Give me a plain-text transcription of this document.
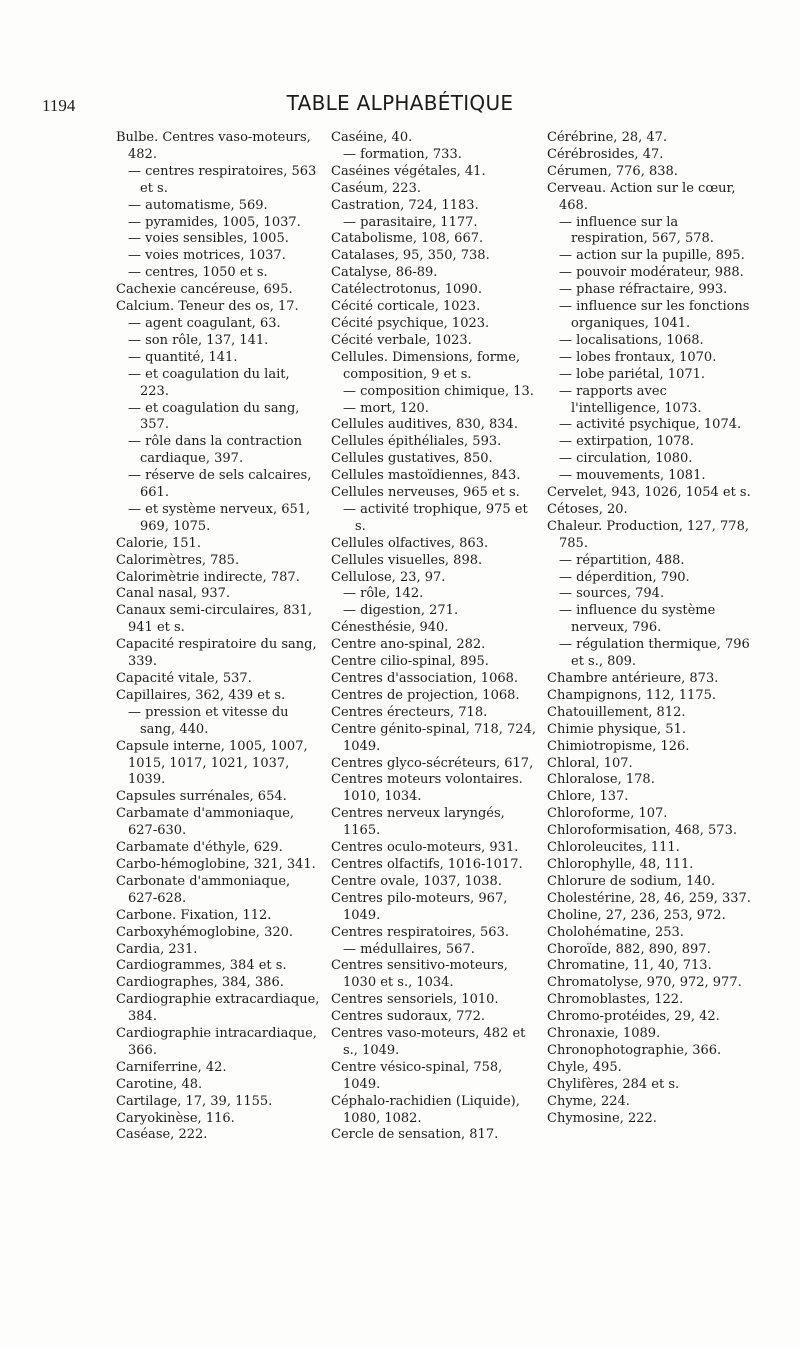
1194	TABLE ALPHABÉTIQUE

Bulbe. Centres vaso-moteurs, 482.

— centres respiratoires, 563 et s.

— automatisme, 569.

— pyramides, 1005, 1037.

— voies sensibles, 1005.

— voies motrices, 1037.

— centres, 1050 et s.

Cachexie cancéreuse, 695.

Calcium. Teneur des os, 17.

— agent coagulant, 63.

— son rôle, 137, 141.

— quantité, 141.

— et coagulation du lait, 223.

— et coagulation du sang, 357.

— rôle dans la contraction cardiaque, 397.

— réserve de sels calcaires, 661.

— et système nerveux, 651, 969, 1075.

Calorie, 151.

Calorimètres, 785.

Calorimètrie indirecte, 787.

Canal nasal, 937.

Canaux semi-circulaires, 831, 941 et s.

Capacité respiratoire du sang, 339.

Capacité vitale, 537.

Capillaires, 362, 439 et s.

— pression et vitesse du sang, 440.

Capsule interne, 1005, 1007, 1015, 1017, 1021, 1037, 1039.

Capsules surrénales, 654.

Carbamate d'ammoniaque, 627-630.

Carbamate d'éthyle, 629.

Carbo-hémoglobine, 321, 341.

Carbonate d'ammoniaque, 627-628.

Carbone. Fixation, 112.

Carboxyhémoglobine, 320.

Cardia, 231.

Cardiogrammes, 384 et s.

Cardiographes, 384, 386.

Cardiographie extracardiaque, 384.

Cardiographie intracardiaque, 366.

Carniferrine, 42.

Carotine, 48.

Cartilage, 17, 39, 1155.

Caryokinèse, 116.

Caséase, 222.

Caséine, 40.

— formation, 733.

Caséines végétales, 41.

Caséum, 223.

Castration, 724, 1183.

— parasitaire, 1177.

Catabolisme, 108, 667.

Catalases, 95, 350, 738.

Catalyse, 86-89.

Catélectrotonus, 1090.

Cécité corticale, 1023.

Cécité psychique, 1023.

Cécité verbale, 1023.

Cellules. Dimensions, forme, composition, 9 et s.

— composition chimique, 13.

— mort, 120.

Cellules auditives, 830, 834.

Cellules épithéliales, 593.

Cellules gustatives, 850.

Cellules mastoïdiennes, 843.

Cellules nerveuses, 965 et s.

— activité trophique, 975 et s.

Cellules olfactives, 863.

Cellules visuelles, 898.

Cellulose, 23, 97.

— rôle, 142.

— digestion, 271.

Cénesthésie, 940.

Centre ano-spinal, 282.

Centre cilio-spinal, 895.

Centres d'association, 1068.

Centres de projection, 1068.

Centres érecteurs, 718.

Centre génito-spinal, 718, 724, 1049.

Centres glyco-sécréteurs, 617,

Centres moteurs volontaires. 1010, 1034.

Centres nerveux laryngés, 1165.

Centres oculo-moteurs, 931.

Centres olfactifs, 1016-1017.

Centre ovale, 1037, 1038.

Centres pilo-moteurs, 967, 1049.

Centres respiratoires, 563.

— médullaires, 567.

Centres sensitivo-moteurs, 1030 et s., 1034.

Centres sensoriels, 1010.

Centres sudoraux, 772.

Centres vaso-moteurs, 482 et s., 1049.

Centre vésico-spinal, 758, 1049.

Céphalo-rachidien (Liquide), 1080, 1082.

Cercle de sensation, 817.

Cérébrine, 28, 47.

Cérébrosides, 47.

Cérumen, 776, 838.

Cerveau. Action sur le cœur, 468.

— influence sur la respiration, 567, 578.

— action sur la pupille, 895.

— pouvoir modérateur, 988.

— phase réfractaire, 993.

— influence sur les fonctions organiques, 1041.

— localisations, 1068.

— lobes frontaux, 1070.

— lobe pariétal, 1071.

— rapports avec l'intelligence, 1073.

— activité psychique, 1074.

— extirpation, 1078.

— circulation, 1080.

— mouvements, 1081.

Cervelet, 943, 1026, 1054 et s.

Cétoses, 20.

Chaleur. Production, 127, 778, 785.

— répartition, 488.

— déperdition, 790.

— sources, 794.

— influence du système nerveux, 796.

— régulation thermique, 796 et s., 809.

Chambre antérieure, 873.

Champignons, 112, 1175.

Chatouillement, 812.

Chimie physique, 51.

Chimiotropisme, 126.

Chloral, 107.

Chloralose, 178.

Chlore, 137.

Chloroforme, 107.

Chloroformisation, 468, 573.

Chloroleucites, 111.

Chlorophylle, 48, 111.

Chlorure de sodium, 140.

Cholestérine, 28, 46, 259, 337.

Choline, 27, 236, 253, 972.

Cholohématine, 253.

Choroïde, 882, 890, 897.

Chromatine, 11, 40, 713.

Chromatolyse, 970, 972, 977.

Chromoblastes, 122.

Chromo-protéides, 29, 42.

Chronaxie, 1089.

Chronophotographie, 366.

Chyle, 495.

Chylifères, 284 et s.

Chyme, 224.

Chymosine, 222.
